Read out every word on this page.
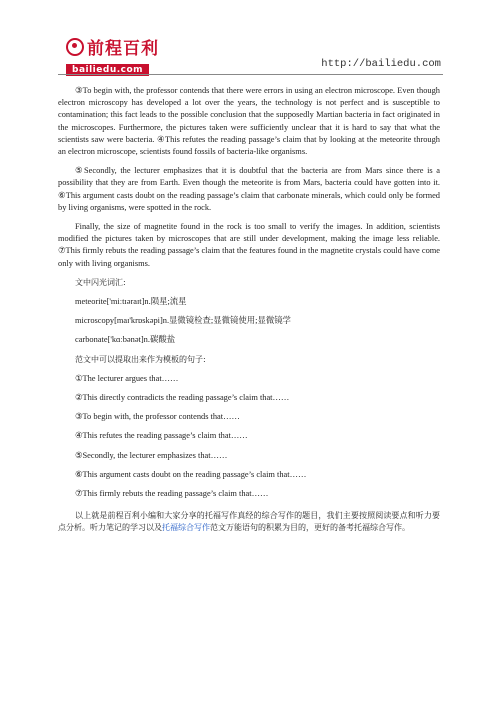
前程百利
bailiedu.com	http://bailiedu.com

③To begin with, the professor contends that there were errors in using an electron microscope. Even though electron microscopy has developed a lot over the years, the technology is not perfect and is susceptible to contamination; this fact leads to the possible conclusion that the supposedly Martian bacteria in fact originated in the microscopes. Furthermore, the pictures taken were sufficiently unclear that it is hard to say that what the scientists saw were bacteria. ④This refutes the reading passage’s claim that by looking at the meteorite through an electron microscope, scientists found fossils of bacteria-like organisms.

⑤Secondly, the lecturer emphasizes that it is doubtful that the bacteria are from Mars since there is a possibility that they are from Earth. Even though the meteorite is from Mars, bacteria could have gotten into it. ⑥This argument casts doubt on the reading passage’s claim that carbonate minerals, which could only be formed by living organisms, were spotted in the rock.

Finally, the size of magnetite found in the rock is too small to verify the images. In addition, scientists modified the pictures taken by microscopes that are still under development, making the image less reliable. ⑦This firmly rebuts the reading passage’s claim that the features found in the magnetite crystals could have come only with living organisms.

文中闪光词汇:

meteorite['miːtɪəraɪt]n.陨星;流星

microscopy[maɪ'krɒskəpi]n.显微镜检查;显微镜使用;显微镜学

carbonate['kɑːbənət]n.碳酸盐

范文中可以提取出来作为模板的句子:

①The lecturer argues that……

②This directly contradicts the reading passage’s claim that……

③To begin with, the professor contends that……

④This refutes the reading passage’s claim that……

⑤Secondly, the lecturer emphasizes that……

⑥This argument casts doubt on the reading passage’s claim that……

⑦This firmly rebuts the reading passage’s claim that……

以上就是前程百利小编和大家分享的托福写作真经的综合写作的题目，我们主要按照阅读要点和听力要点分析。听力笔记的学习以及托福综合写作范文万能语句的积累为目的，更好的备考托福综合写作。
